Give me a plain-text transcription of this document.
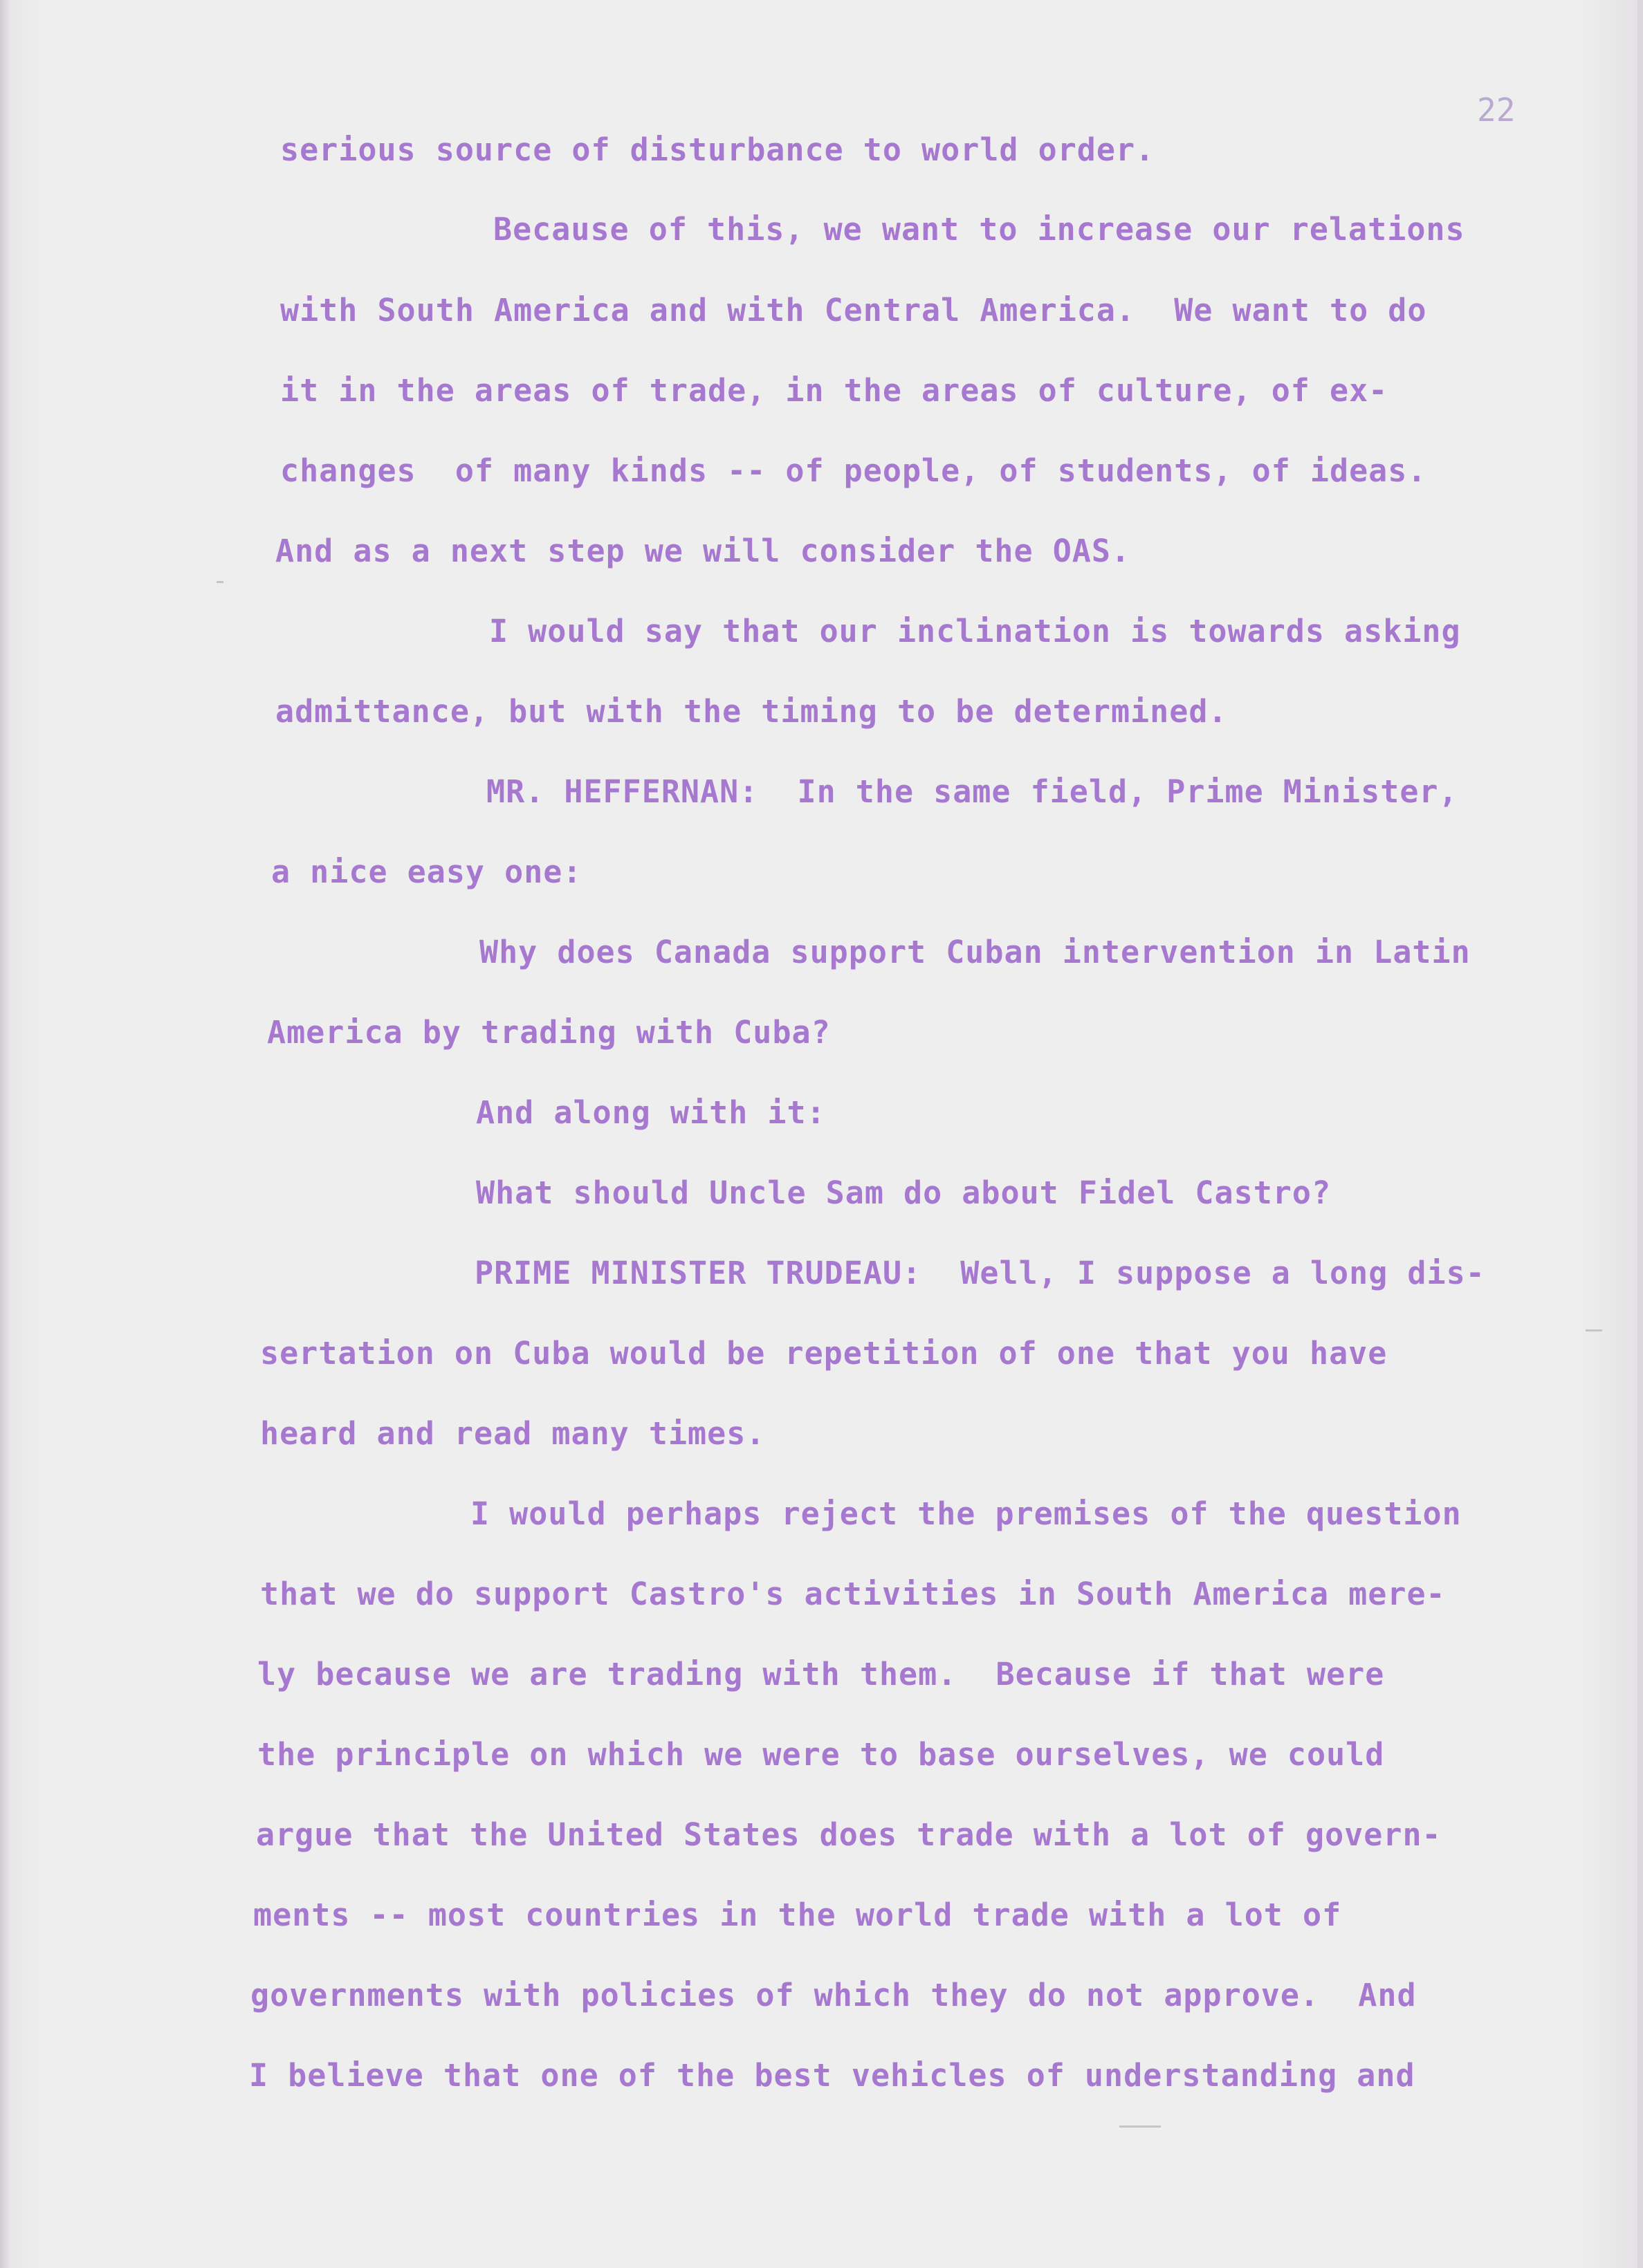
22
serious source of disturbance to world order.
Because of this, we want to increase our relations
with South America and with Central America.  We want to do
it in the areas of trade, in the areas of culture, of ex-
changes  of many kinds -- of people, of students, of ideas.
And as a next step we will consider the OAS.
I would say that our inclination is towards asking
admittance, but with the timing to be determined.
MR. HEFFERNAN:  In the same field, Prime Minister,
a nice easy one:
Why does Canada support Cuban intervention in Latin
America by trading with Cuba?
And along with it:
What should Uncle Sam do about Fidel Castro?
PRIME MINISTER TRUDEAU:  Well, I suppose a long dis-
sertation on Cuba would be repetition of one that you have
heard and read many times.
I would perhaps reject the premises of the question
that we do support Castro's activities in South America mere-
ly because we are trading with them.  Because if that were
the principle on which we were to base ourselves, we could
argue that the United States does trade with a lot of govern-
ments -- most countries in the world trade with a lot of
governments with policies of which they do not approve.  And
I believe that one of the best vehicles of understanding and
